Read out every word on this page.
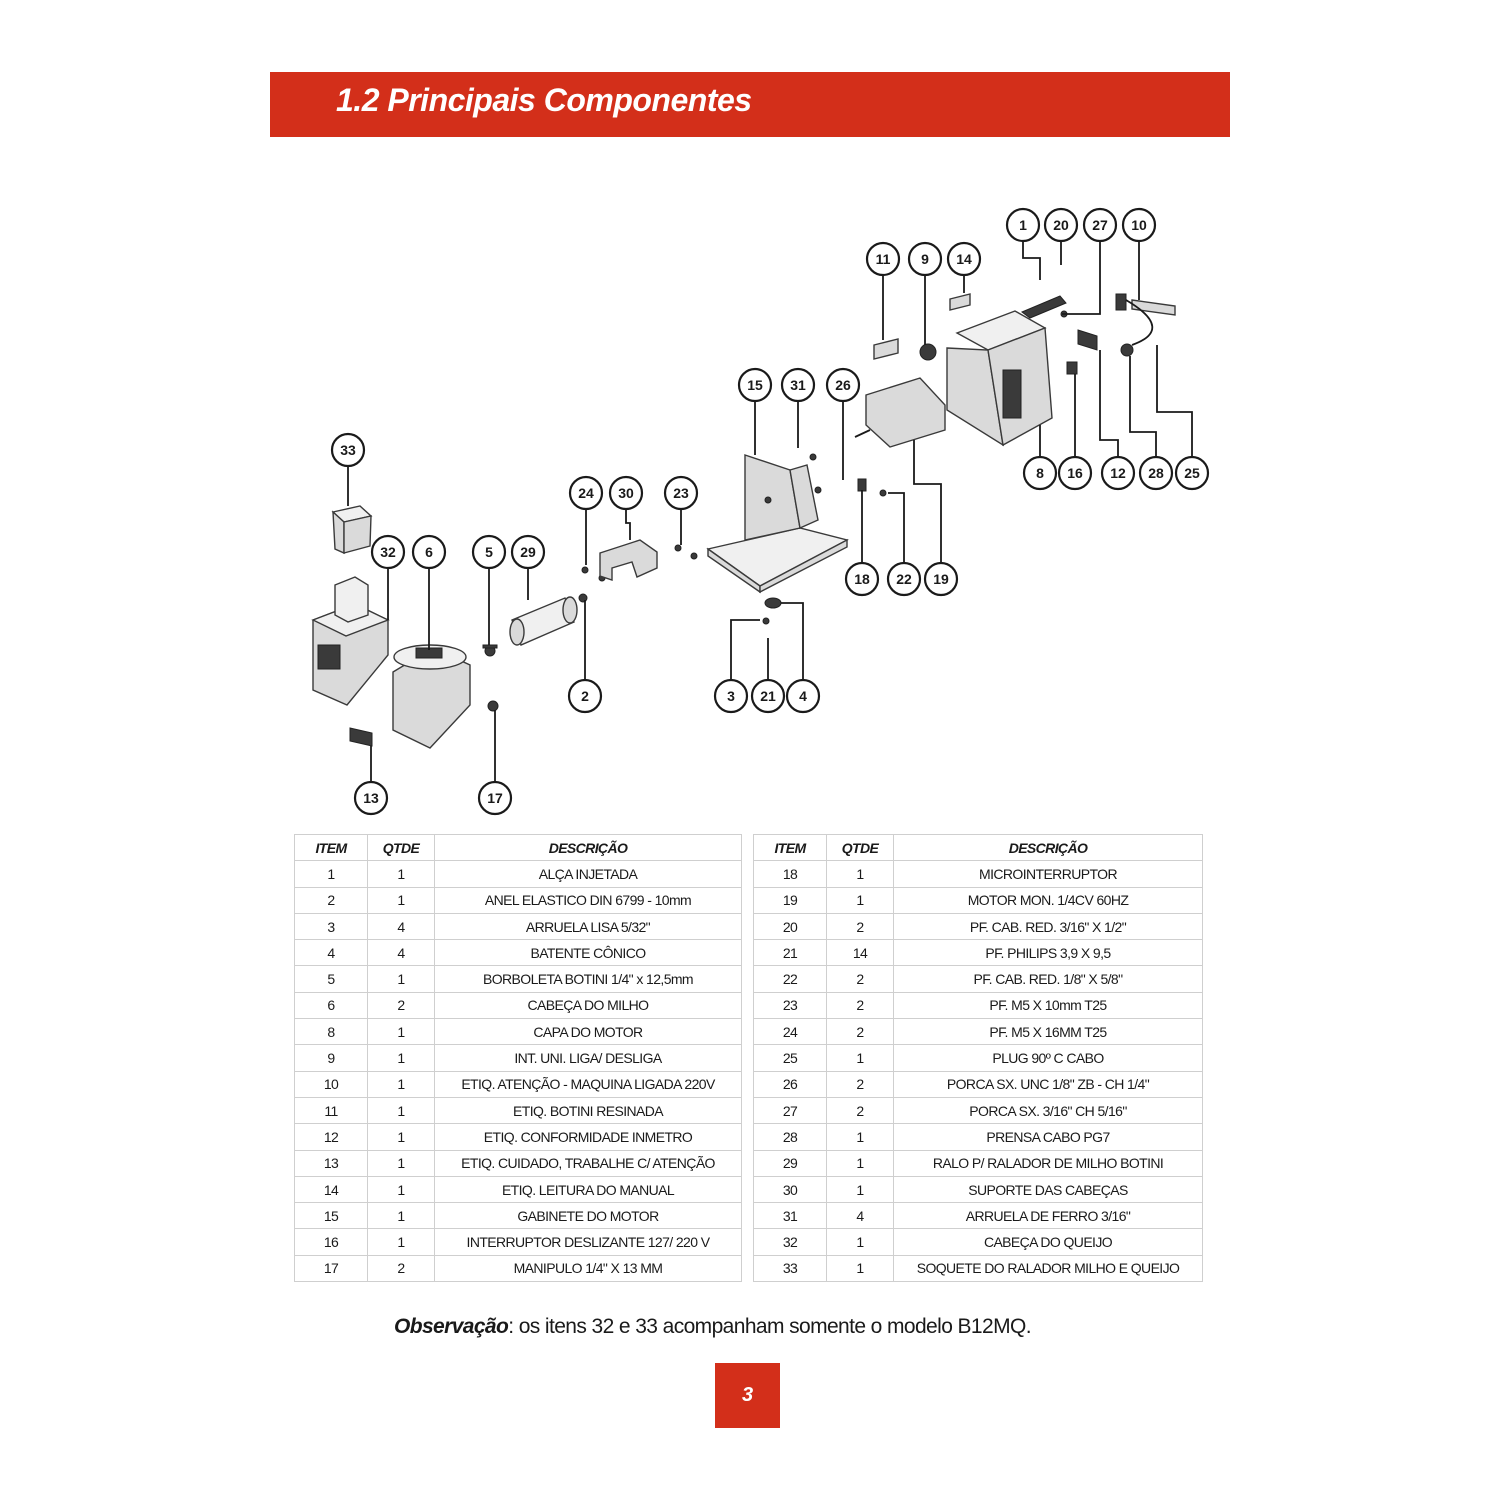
1.2 Principais Componentes
1 20 27 10
11 9 14
15 31 26
33
24 30	23
32 6	5 29
8 16 12 28 25
18 22 19
2	3 21 4
13	17
ITEM	QTDE	DESCRIÇÃO
1	1	ALÇA INJETADA
2	1	ANEL ELASTICO DIN 6799 - 10mm
3	4	ARRUELA LISA 5/32"
4	4	BATENTE CÔNICO
5	1	BORBOLETA BOTINI 1/4" x 12,5mm
6	2	CABEÇA DO MILHO
8	1	CAPA DO MOTOR
9	1	INT. UNI. LIGA/ DESLIGA
10	1	ETIQ. ATENÇÃO - MAQUINA LIGADA 220V
11	1	ETIQ. BOTINI RESINADA
12	1	ETIQ. CONFORMIDADE INMETRO
13	1	ETIQ. CUIDADO, TRABALHE C/ ATENÇÃO
14	1	ETIQ. LEITURA DO MANUAL
15	1	GABINETE DO MOTOR
16	1	INTERRUPTOR DESLIZANTE 127/ 220 V
17	2	MANIPULO 1/4" X 13 MM
ITEM	QTDE	DESCRIÇÃO
18	1	MICROINTERRUPTOR
19	1	MOTOR MON. 1/4CV 60HZ
20	2	PF. CAB. RED. 3/16" X 1/2"
21	14	PF. PHILIPS 3,9 X 9,5
22	2	PF. CAB. RED. 1/8" X 5/8"
23	2	PF. M5 X 10mm T25
24	2	PF. M5 X 16MM T25
25	1	PLUG 90º C CABO
26	2	PORCA SX. UNC 1/8" ZB - CH 1/4"
27	2	PORCA SX. 3/16" CH 5/16"
28	1	PRENSA CABO PG7
29	1	RALO P/ RALADOR DE MILHO BOTINI
30	1	SUPORTE DAS CABEÇAS
31	4	ARRUELA DE FERRO 3/16"
32	1	CABEÇA DO QUEIJO
33	1	SOQUETE DO RALADOR MILHO E QUEIJO
Observação: os itens 32 e 33 acompanham somente o modelo B12MQ.
3
